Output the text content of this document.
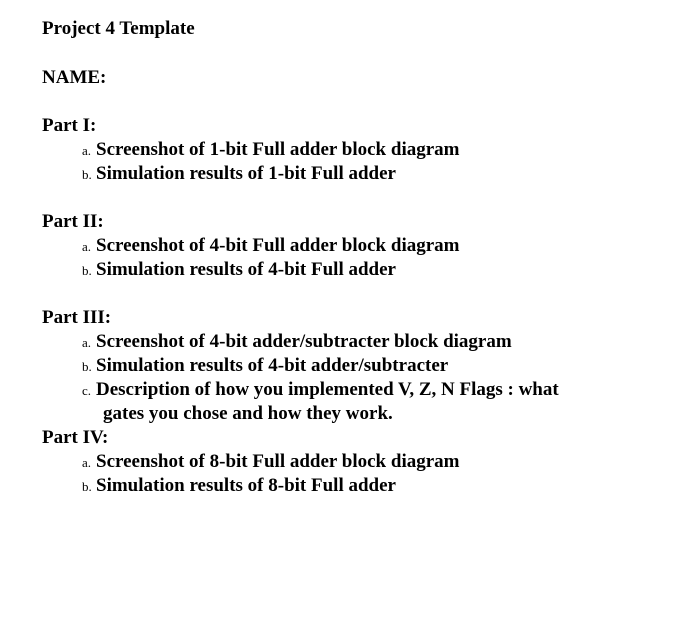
Project 4 Template
NAME:
Part I:
a. Screenshot of 1-bit Full adder block diagram
b. Simulation results of 1-bit Full adder
Part II:
a. Screenshot of 4-bit Full adder block diagram
b. Simulation results of 4-bit Full adder
Part III:
a. Screenshot of 4-bit adder/subtracter block diagram
b. Simulation results of 4-bit adder/subtracter
c. Description of how you implemented V, Z, N Flags : what
gates you chose and how they work.
Part IV:
a. Screenshot of 8-bit Full adder block diagram
b. Simulation results of 8-bit Full adder
